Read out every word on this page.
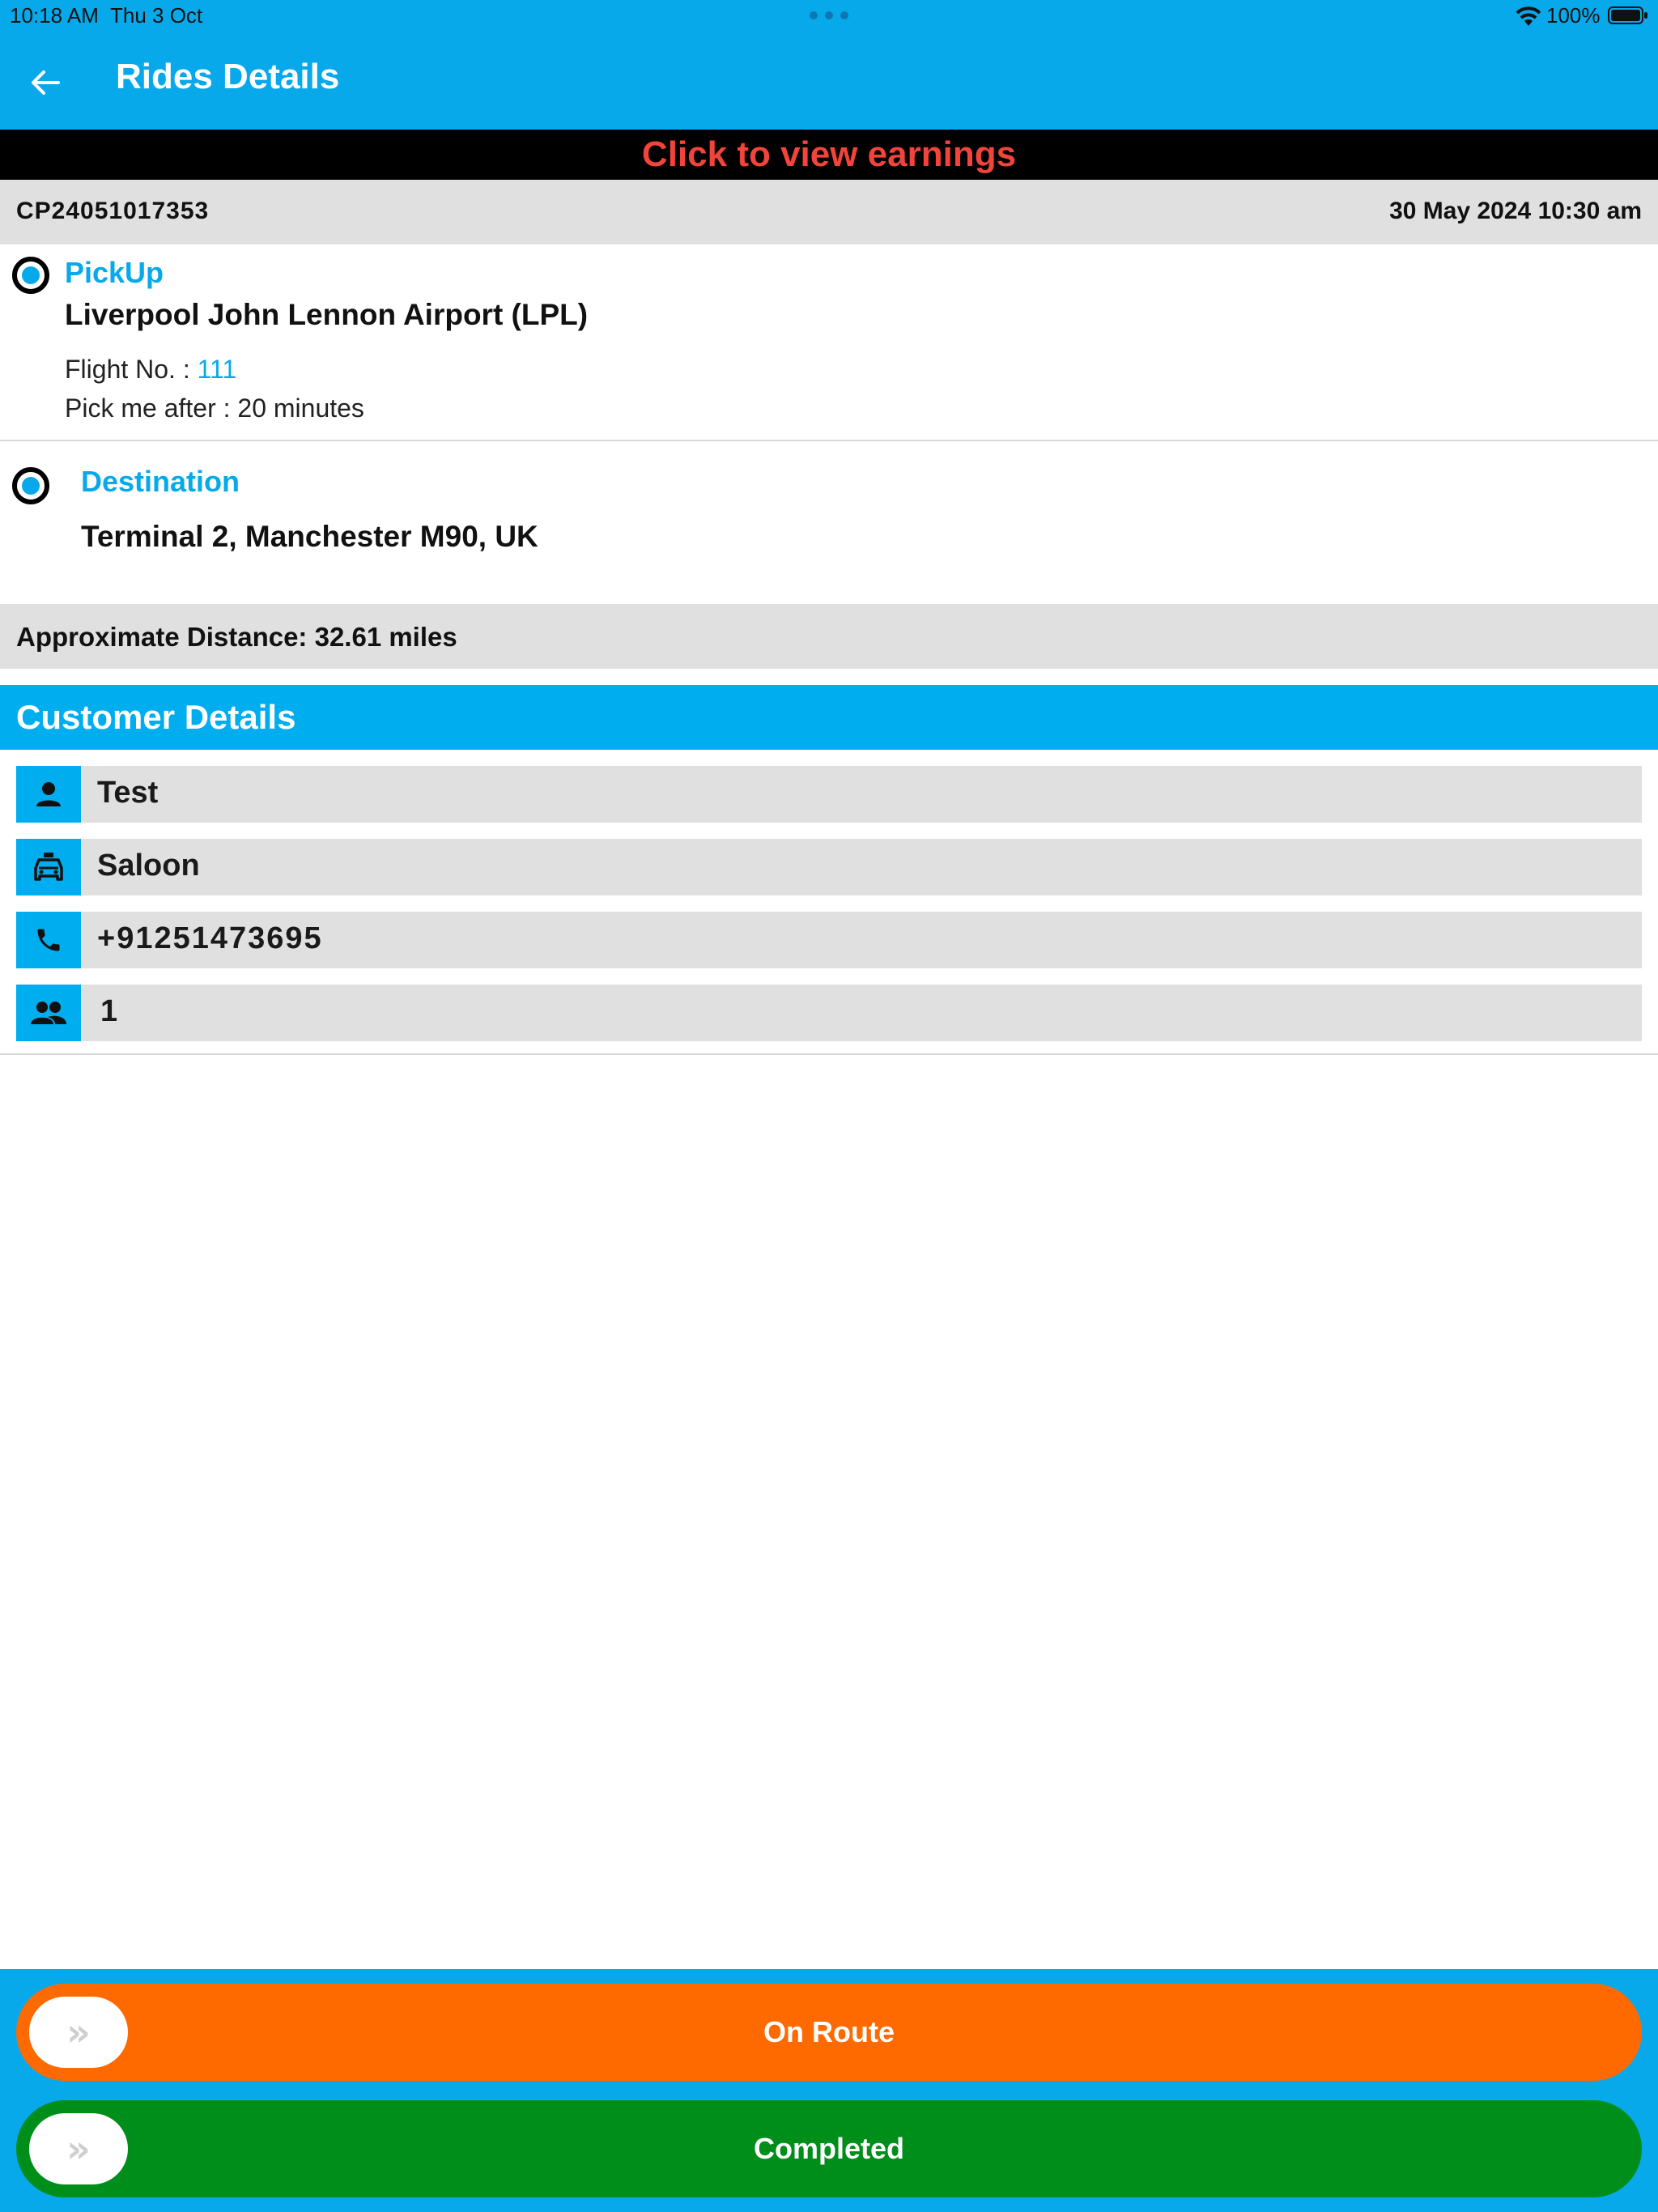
10:18 AM Thu 3 Oct	100%
Rides Details
Click to view earnings
CP24051017353	30 May 2024 10:30 am
PickUp
Liverpool John Lennon Airport (LPL)
Flight No. : 111
Pick me after : 20 minutes
Destination
Terminal 2, Manchester M90, UK
Approximate Distance: 32.61 miles
Customer Details
Test
Saloon
+91251473695
1
»	On Route
»	Completed
